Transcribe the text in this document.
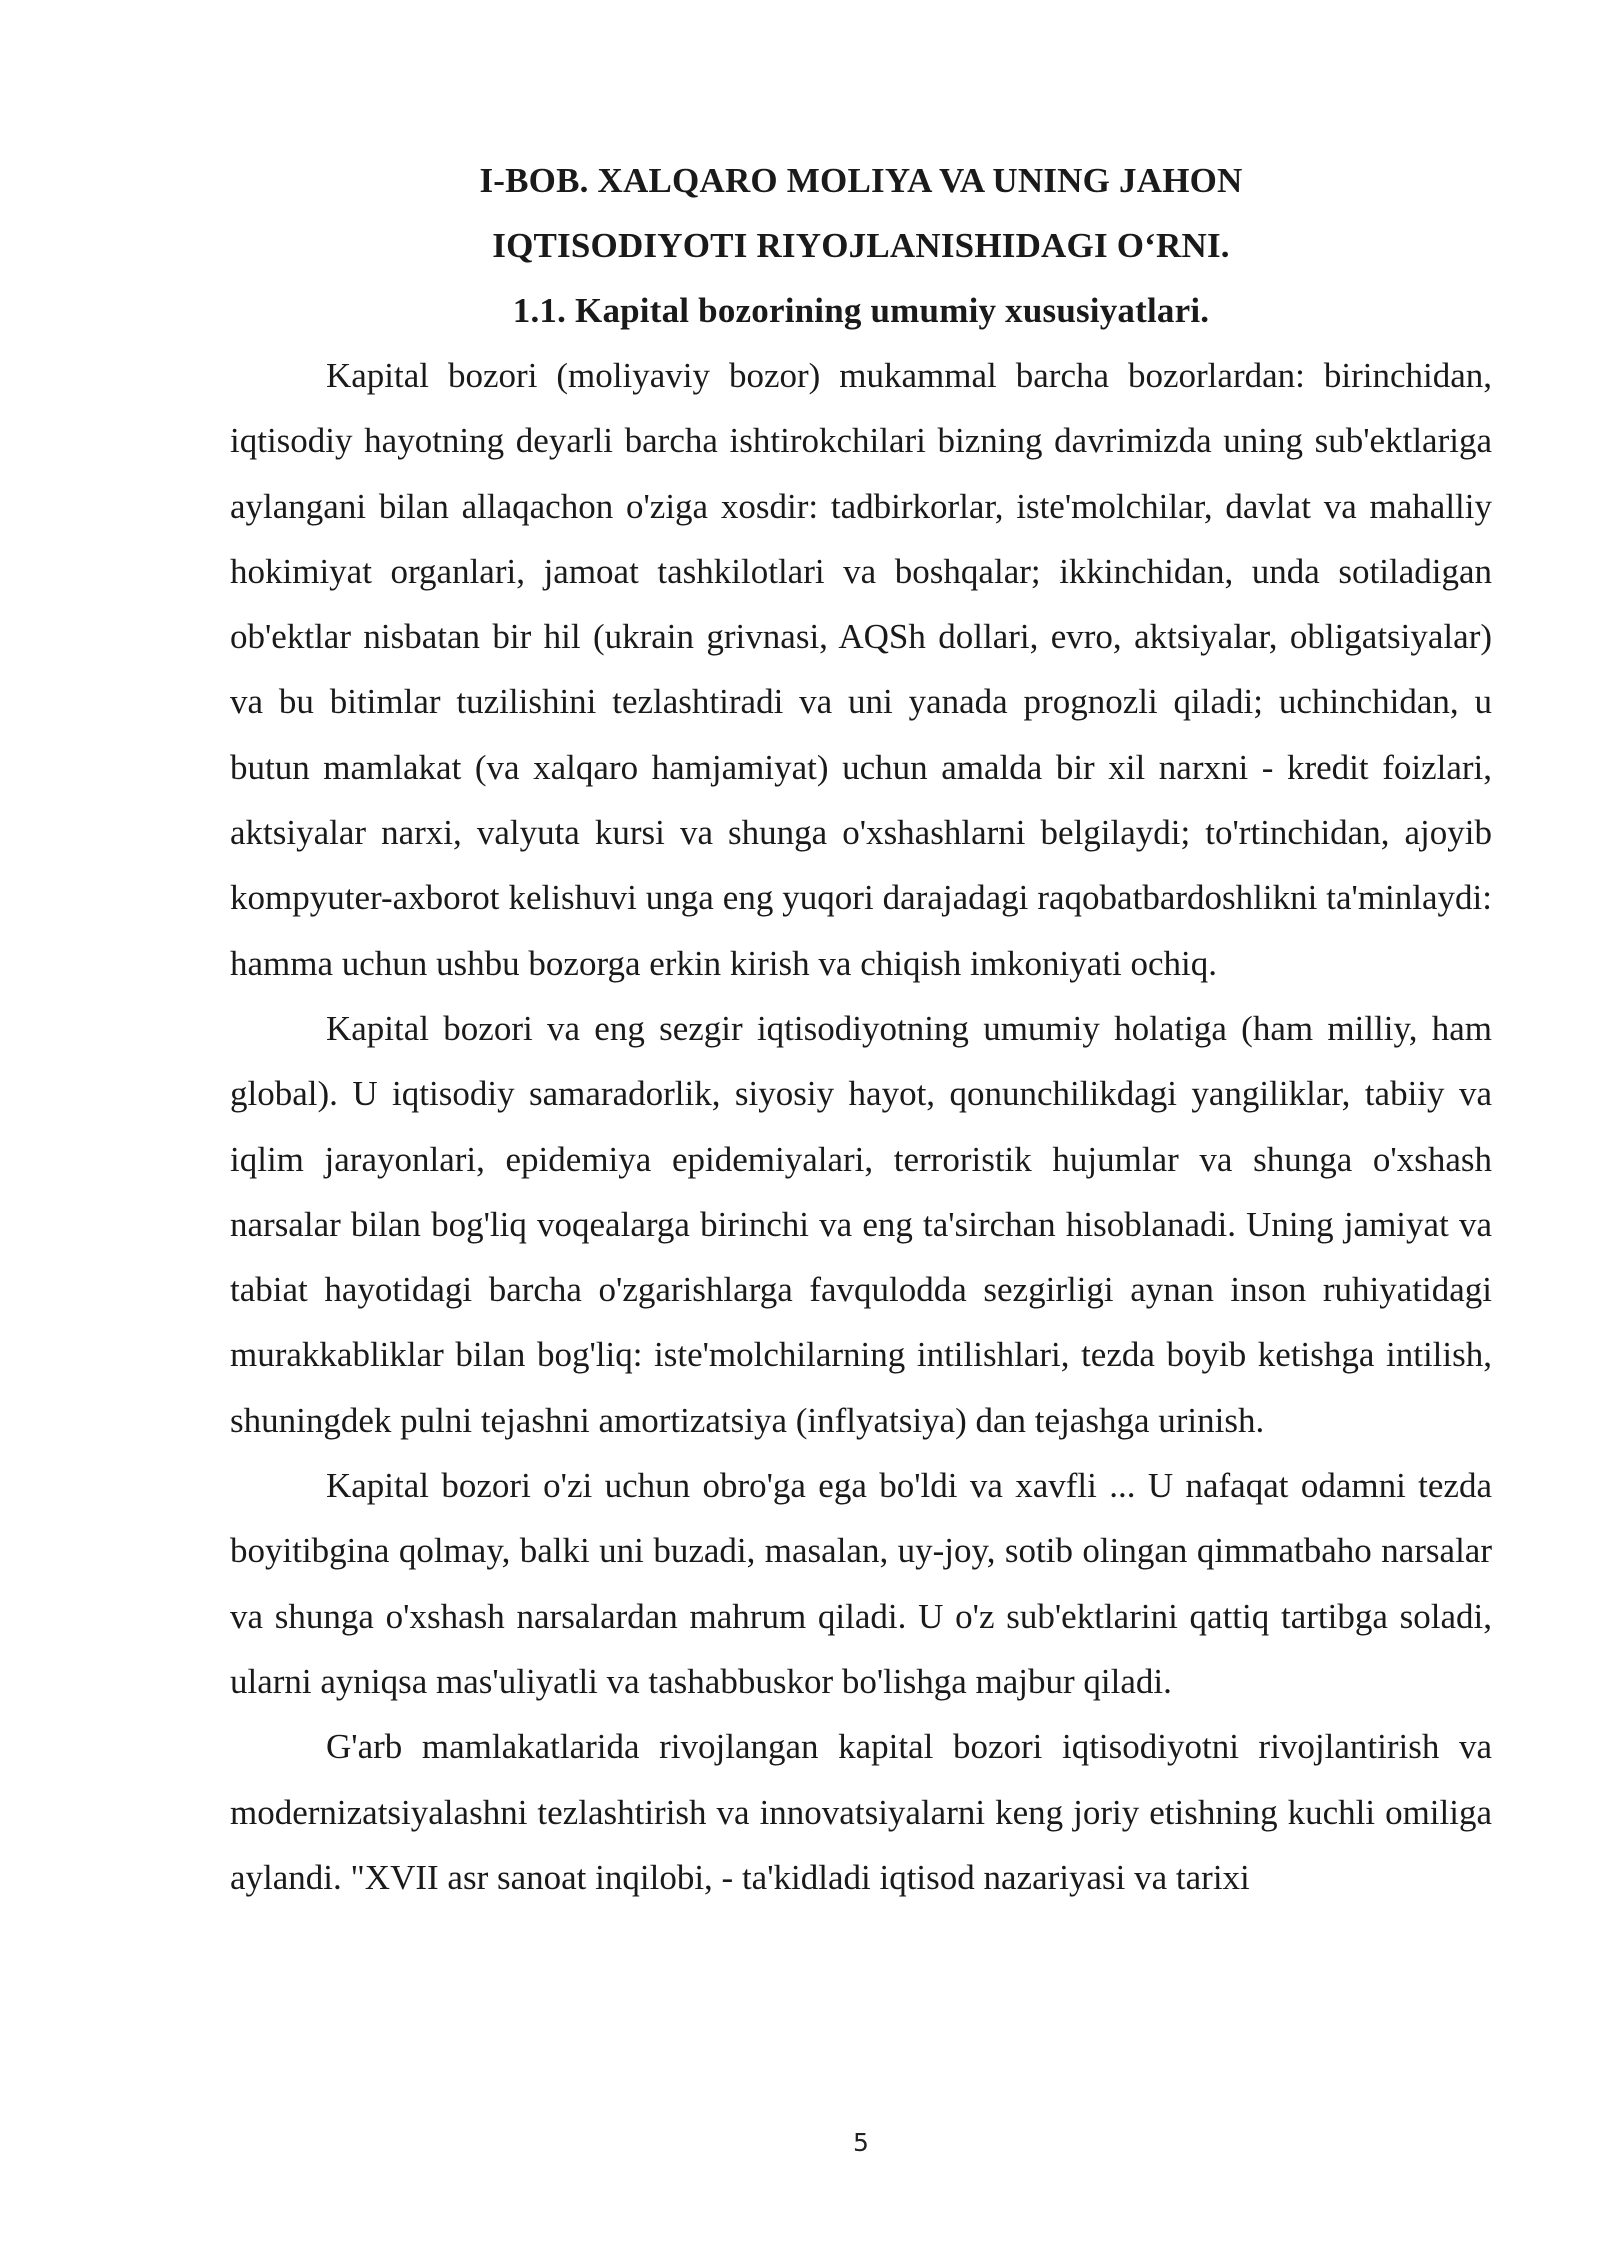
I-BOB. XALQARO MOLIYA VA UNING JAHON
IQTISODIYOTI RIYOJLANISHIDAGI O‘RNI.
1.1. Kapital bozorining umumiy xususiyatlari.

Kapital bozori (moliyaviy bozor) mukammal barcha bozorlardan: birinchidan, iqtisodiy hayotning deyarli barcha ishtirokchilari bizning davrimizda uning sub'ektlariga aylangani bilan allaqachon o'ziga xosdir: tadbirkorlar, iste'molchilar, davlat va mahalliy hokimiyat organlari, jamoat tashkilotlari va boshqalar; ikkinchidan, unda sotiladigan ob'ektlar nisbatan bir hil (ukrain grivnasi, AQSh dollari, evro, aktsiyalar, obligatsiyalar) va bu bitimlar tuzilishini tezlashtiradi va uni yanada prognozli qiladi; uchinchidan, u butun mamlakat (va xalqaro hamjamiyat) uchun amalda bir xil narxni - kredit foizlari, aktsiyalar narxi, valyuta kursi va shunga o'xshashlarni belgilaydi; to'rtinchidan, ajoyib kompyuter-axborot kelishuvi unga eng yuqori darajadagi raqobatbardoshlikni ta'minlaydi: hamma uchun ushbu bozorga erkin kirish va chiqish imkoniyati ochiq.

Kapital bozori va eng sezgir iqtisodiyotning umumiy holatiga (ham milliy, ham global). U iqtisodiy samaradorlik, siyosiy hayot, qonunchilikdagi yangiliklar, tabiiy va iqlim jarayonlari, epidemiya epidemiyalari, terroristik hujumlar va shunga o'xshash narsalar bilan bog'liq voqealarga birinchi va eng ta'sirchan hisoblanadi. Uning jamiyat va tabiat hayotidagi barcha o'zgarishlarga favqulodda sezgirligi aynan inson ruhiyatidagi murakkabliklar bilan bog'liq: iste'molchilarning intilishlari, tezda boyib ketishga intilish, shuningdek pulni tejashni amortizatsiya (inflyatsiya) dan tejashga urinish.

Kapital bozori o'zi uchun obro'ga ega bo'ldi va xavfli ... U nafaqat odamni tezda boyitibgina qolmay, balki uni buzadi, masalan, uy-joy, sotib olingan qimmatbaho narsalar va shunga o'xshash narsalardan mahrum qiladi. U o'z sub'ektlarini qattiq tartibga soladi, ularni ayniqsa mas'uliyatli va tashabbuskor bo'lishga majbur qiladi.

G'arb mamlakatlarida rivojlangan kapital bozori iqtisodiyotni rivojlantirish va modernizatsiyalashni tezlashtirish va innovatsiyalarni keng joriy etishning kuchli omiliga aylandi. "XVII asr sanoat inqilobi, - ta'kidladi iqtisod nazariyasi va tarixi

5
